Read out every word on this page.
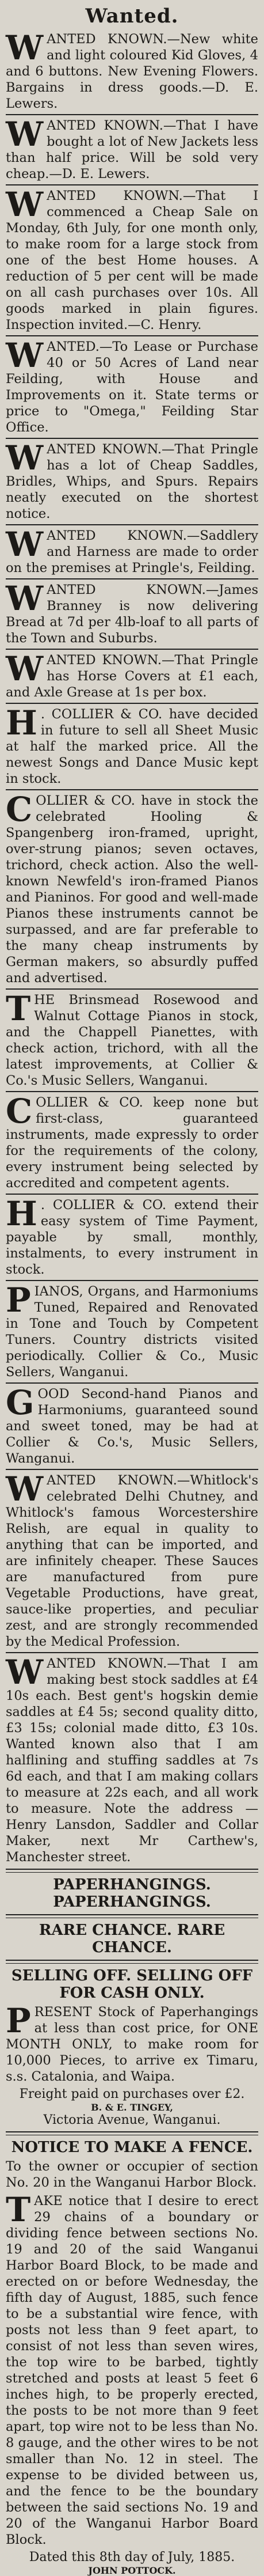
Wanted.
WANTED KNOWN.—New white and light coloured Kid Gloves, 4 and 6 buttons. New Evening Flowers. Bargains in dress goods.—D. E. Lewers.
WANTED KNOWN.—That I have bought a lot of New Jackets less than half price. Will be sold very cheap.—D. E. Lewers.
WANTED KNOWN.—That I commenced a Cheap Sale on Monday, 6th July, for one month only, to make room for a large stock from one of the best Home houses. A reduction of 5 per cent will be made on all cash purchases over 10s. All goods marked in plain figures. Inspection invited.—C. Henry.
WANTED.—To Lease or Purchase 40 or 50 Acres of Land near Feilding, with House and Improvements on it. State terms or price to "Omega," Feilding Star Office.
WANTED KNOWN.—That Pringle has a lot of Cheap Saddles, Bridles, Whips, and Spurs. Repairs neatly executed on the shortest notice.
WANTED KNOWN.—Saddlery and Harness are made to order on the premises at Pringle's, Feilding.
WANTED KNOWN.—James Branney is now delivering Bread at 7d per 4lb-loaf to all parts of the Town and Suburbs.
WANTED KNOWN.—That Pringle has Horse Covers at £1 each, and Axle Grease at 1s per box.
H . COLLIER & CO. have decided in future to sell all Sheet Music at half the marked price. All the newest Songs and Dance Music kept in stock.
COLLIER & CO. have in stock the celebrated Hooling & Spangenberg iron-framed, upright, over-strung pianos; seven octaves, trichord, check action. Also the well-known Newfeld's iron-framed Pianos and Pianinos. For good and well-made Pianos these instruments cannot be surpassed, and are far preferable to the many cheap instruments by German makers, so absurdly puffed and advertised.
THE Brinsmead Rosewood and Walnut Cottage Pianos in stock, and the Chappell Pianettes, with check action, trichord, with all the latest improvements, at Collier & Co.'s Music Sellers, Wanganui.
COLLIER & CO. keep none but first-class, guaranteed instruments, made expressly to order for the requirements of the colony, every instrument being selected by accredited and competent agents.
H . COLLIER & CO. extend their easy system of Time Payment, payable by small, monthly, instalments, to every instrument in stock.
PIANOS, Organs, and Harmoniums Tuned, Repaired and Renovated in Tone and Touch by Competent Tuners. Country districts visited periodically. Collier & Co., Music Sellers, Wanganui.
GOOD Second-hand Pianos and Harmoniums, guaranteed sound and sweet toned, may be had at Collier & Co.'s, Music Sellers, Wanganui.
WANTED KNOWN.—Whitlock's celebrated Delhi Chutney, and Whitlock's famous Worcestershire Relish, are equal in quality to anything that can be imported, and are infinitely cheaper. These Sauces are manufactured from pure Vegetable Productions, have great, sauce-like properties, and peculiar zest, and are strongly recommended by the Medical Profession.
WANTED KNOWN.—That I am making best stock saddles at £4 10s each. Best gent's hogskin demie saddles at £4 5s; second quality ditto, £3 15s; colonial made ditto, £3 10s. Wanted known also that I am halflining and stuffing saddles at 7s 6d each, and that I am making collars to measure at 22s each, and all work to measure. Note the address — Henry Lansdon, Saddler and Collar Maker, next Mr Carthew's, Manchester street.
PAPERHANGINGS. PAPERHANGINGS.
RARE CHANCE. RARE CHANCE.
SELLING OFF. SELLING OFF FOR CASH ONLY.
PRESENT Stock of Paperhangings at less than cost price, for ONE MONTH ONLY, to make room for 10,000 Pieces, to arrive ex Timaru, s.s. Catalonia, and Waipa.
Freight paid on purchases over £2.
B. & E. TINGEY,
Victoria Avenue, Wanganui.
NOTICE TO MAKE A FENCE.
To the owner or occupier of section No. 20 in the Wanganui Harbor Block.
TAKE notice that I desire to erect 29 chains of a boundary or dividing fence between sections No. 19 and 20 of the said Wanganui Harbor Board Block, to be made and erected on or before Wednesday, the fifth day of August, 1885, such fence to be a substantial wire fence, with posts not less than 9 feet apart, to consist of not less than seven wires, the top wire to be barbed, tightly stretched and posts at least 5 feet 6 inches high, to be properly erected, the posts to be not more than 9 feet apart, top wire not to be less than No. 8 gauge, and the other wires to be not smaller than No. 12 in steel. The expense to be divided between us, and the fence to be the boundary between the said sections No. 19 and 20 of the Wanganui Harbor Board Block.
Dated this 8th day of July, 1885.
JOHN POTTOCK.
